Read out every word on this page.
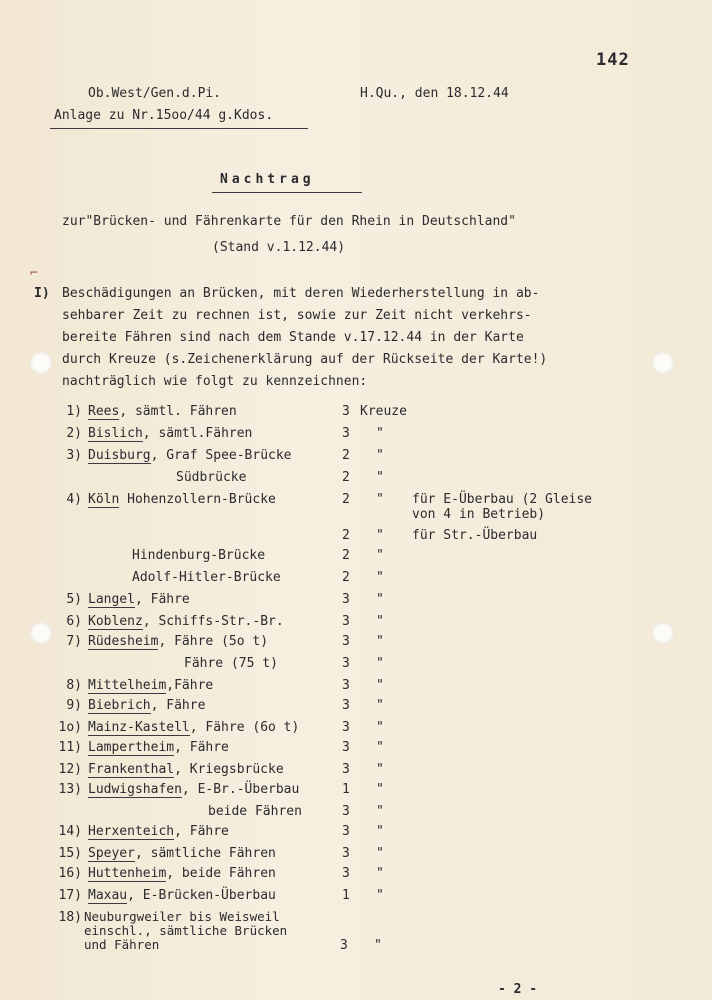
142
Ob.West/Gen.d.Pi.	H.Qu., den 18.12.44
Anlage zu Nr.15oo/44 g.Kdos.
Nachtrag
zur"Brücken- und Fährenkarte für den Rhein in Deutschland"
(Stand v.1.12.44)
⌐
I) Beschädigungen an Brücken, mit deren Wiederherstellung in ab-
sehbarer Zeit zu rechnen ist, sowie zur Zeit nicht verkehrs-
bereite Fähren sind nach dem Stande v.17.12.44 in der Karte
durch Kreuze (s.Zeichenerklärung auf der Rückseite der Karte!)
nachträglich wie folgt zu kennzeichnen:
1) Rees, sämtl. Fähren	3 Kreuze
2) Bislich, sämtl.Fähren	3 "
3) Duisburg, Graf Spee-Brücke	2 "
Südbrücke	2 "
4) Köln Hohenzollern-Brücke	2 " für E-Überbau (2 Gleise
von 4 in Betrieb)
2 " für Str.-Überbau
Hindenburg-Brücke	2 "
Adolf-Hitler-Brücke	2 "
5) Langel, Fähre	3 "
6) Koblenz, Schiffs-Str.-Br.	3 "
7) Rüdesheim, Fähre (5o t)	3 "
Fähre (75 t)	3 "
8) Mittelheim,Fähre	3 "
9) Biebrich, Fähre	3 "
1o) Mainz-Kastell, Fähre (6o t)	3 "
11) Lampertheim, Fähre	3 "
12) Frankenthal, Kriegsbrücke	3 "
13) Ludwigshafen, E-Br.-Überbau	1 "
beide Fähren	3 "
14) Herxenteich, Fähre	3 "
15) Speyer, sämtliche Fähren	3 "
16) Huttenheim, beide Fähren	3 "
17) Maxau, E-Brücken-Überbau	1 "
18) Neuburgweiler bis Weisweil
einschl., sämtliche Brücken
und Fähren	3 "
- 2 -
